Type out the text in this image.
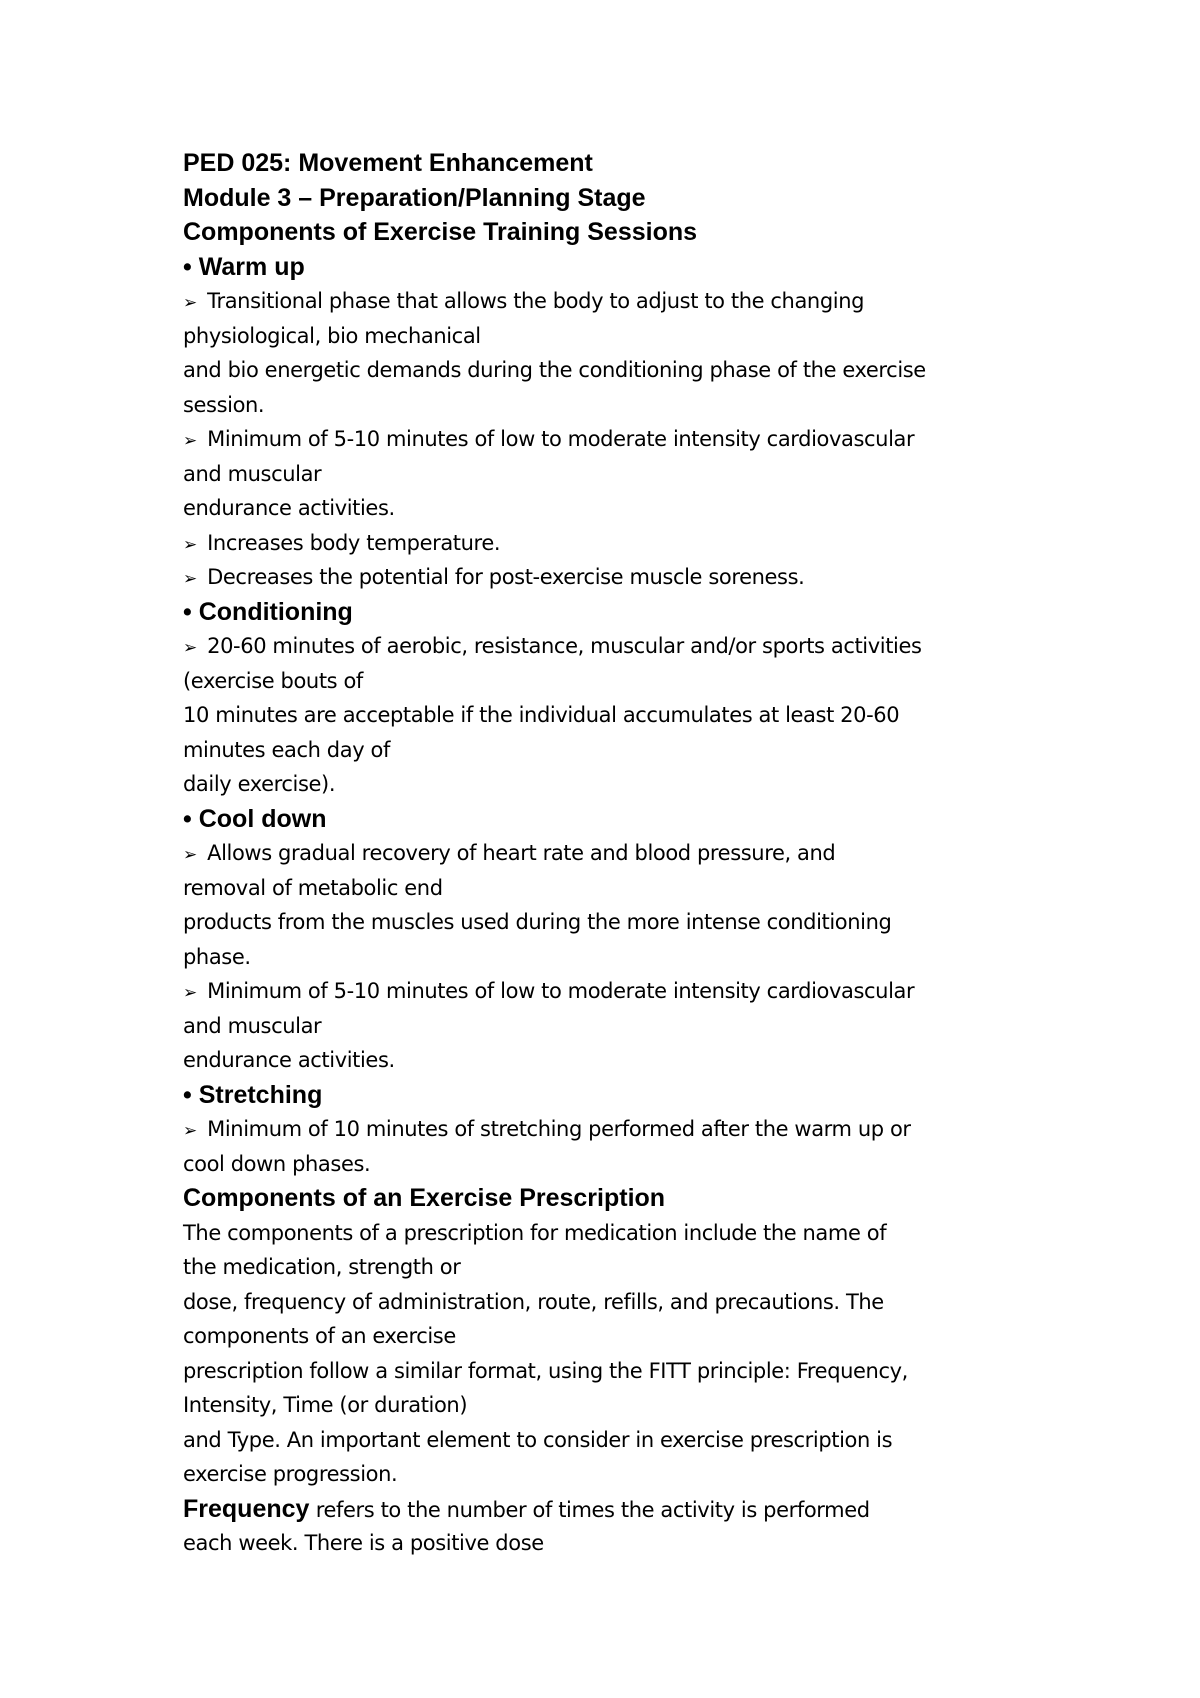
PED 025: Movement Enhancement
Module 3 – Preparation/Planning Stage
Components of Exercise Training Sessions
• Warm up
➢ Transitional phase that allows the body to adjust to the changing
physiological, bio mechanical
and bio energetic demands during the conditioning phase of the exercise
session.
➢ Minimum of 5-10 minutes of low to moderate intensity cardiovascular
and muscular
endurance activities.
➢ Increases body temperature.
➢ Decreases the potential for post-exercise muscle soreness.
• Conditioning
➢ 20-60 minutes of aerobic, resistance, muscular and/or sports activities
(exercise bouts of
10 minutes are acceptable if the individual accumulates at least 20-60
minutes each day of
daily exercise).
• Cool down
➢ Allows gradual recovery of heart rate and blood pressure, and
removal of metabolic end
products from the muscles used during the more intense conditioning
phase.
➢ Minimum of 5-10 minutes of low to moderate intensity cardiovascular
and muscular
endurance activities.
• Stretching
➢ Minimum of 10 minutes of stretching performed after the warm up or
cool down phases.
Components of an Exercise Prescription
The components of a prescription for medication include the name of
the medication, strength or
dose, frequency of administration, route, refills, and precautions. The
components of an exercise
prescription follow a similar format, using the FITT principle: Frequency,
Intensity, Time (or duration)
and Type. An important element to consider in exercise prescription is
exercise progression.
Frequency refers to the number of times the activity is performed
each week. There is a positive dose
